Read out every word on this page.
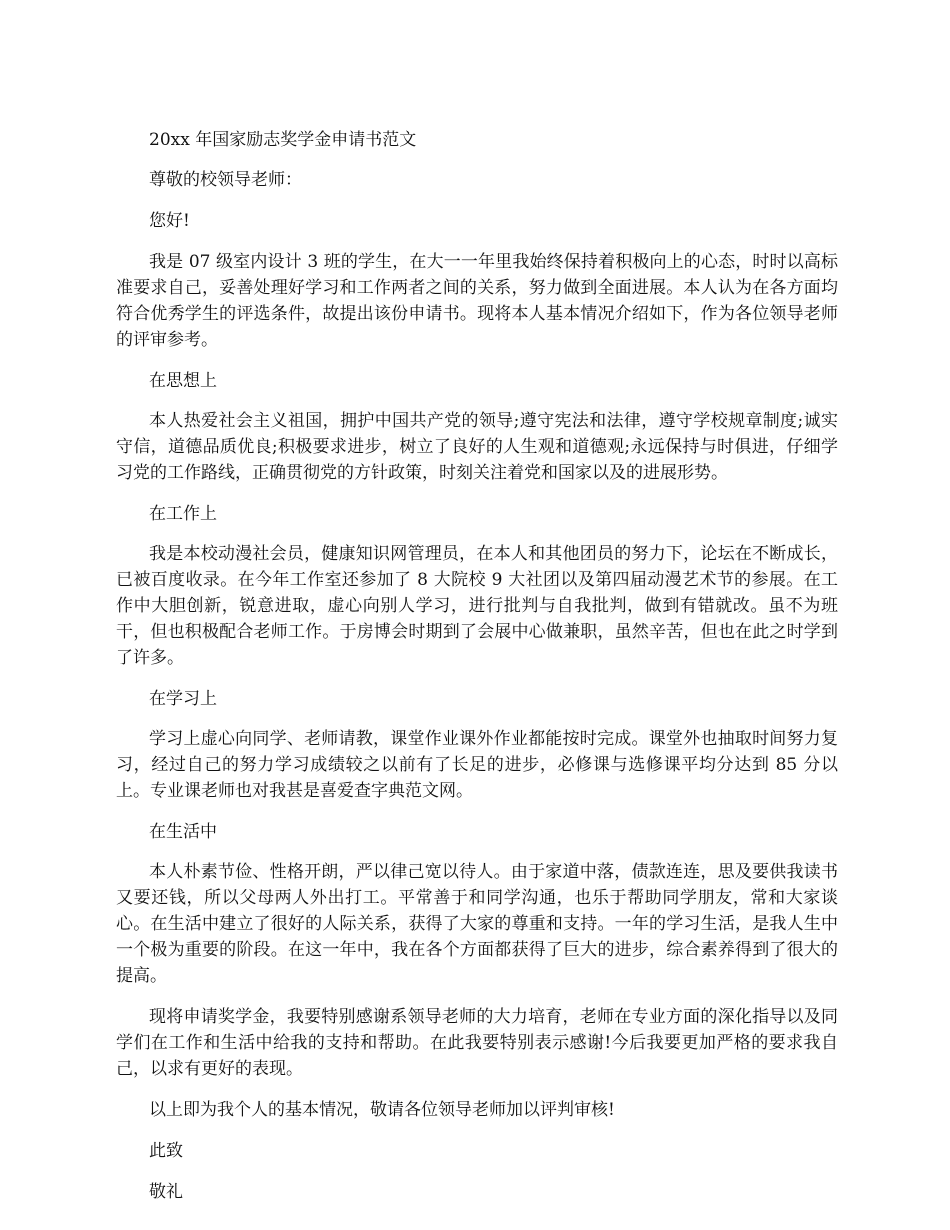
20xx 年国家励志奖学金申请书范文

尊敬的校领导老师：

您好!

我是 07 级室内设计 3 班的学生，在大一一年里我始终保持着积极向上的心态，时时以高标准要求自己，妥善处理好学习和工作两者之间的关系，努力做到全面进展。本人认为在各方面均符合优秀学生的评选条件，故提出该份申请书。现将本人基本情况介绍如下，作为各位领导老师的评审参考。

在思想上

本人热爱社会主义祖国，拥护中国共产党的领导;遵守宪法和法律，遵守学校规章制度;诚实守信，道德品质优良;积极要求进步，树立了良好的人生观和道德观;永远保持与时俱进，仔细学习党的工作路线，正确贯彻党的方针政策，时刻关注着党和国家以及的进展形势。

在工作上

我是本校动漫社会员，健康知识网管理员，在本人和其他团员的努力下，论坛在不断成长，已被百度收录。在今年工作室还参加了 8 大院校 9 大社团以及第四届动漫艺术节的参展。在工作中大胆创新，锐意进取，虚心向别人学习，进行批判与自我批判，做到有错就改。虽不为班干，但也积极配合老师工作。于房博会时期到了会展中心做兼职，虽然辛苦，但也在此之时学到了许多。

在学习上

学习上虚心向同学、老师请教，课堂作业课外作业都能按时完成。课堂外也抽取时间努力复习，经过自己的努力学习成绩较之以前有了长足的进步，必修课与选修课平均分达到 85 分以上。专业课老师也对我甚是喜爱查字典范文网。

在生活中

本人朴素节俭、性格开朗，严以律己宽以待人。由于家道中落，债款连连，思及要供我读书又要还钱，所以父母两人外出打工。平常善于和同学沟通，也乐于帮助同学朋友，常和大家谈心。在生活中建立了很好的人际关系，获得了大家的尊重和支持。一年的学习生活，是我人生中一个极为重要的阶段。在这一年中，我在各个方面都获得了巨大的进步，综合素养得到了很大的提高。

现将申请奖学金，我要特别感谢系领导老师的大力培育，老师在专业方面的深化指导以及同学们在工作和生活中给我的支持和帮助。在此我要特别表示感谢!今后我要更加严格的要求我自己，以求有更好的表现。

以上即为我个人的基本情况，敬请各位领导老师加以评判审核!

此致

敬礼
